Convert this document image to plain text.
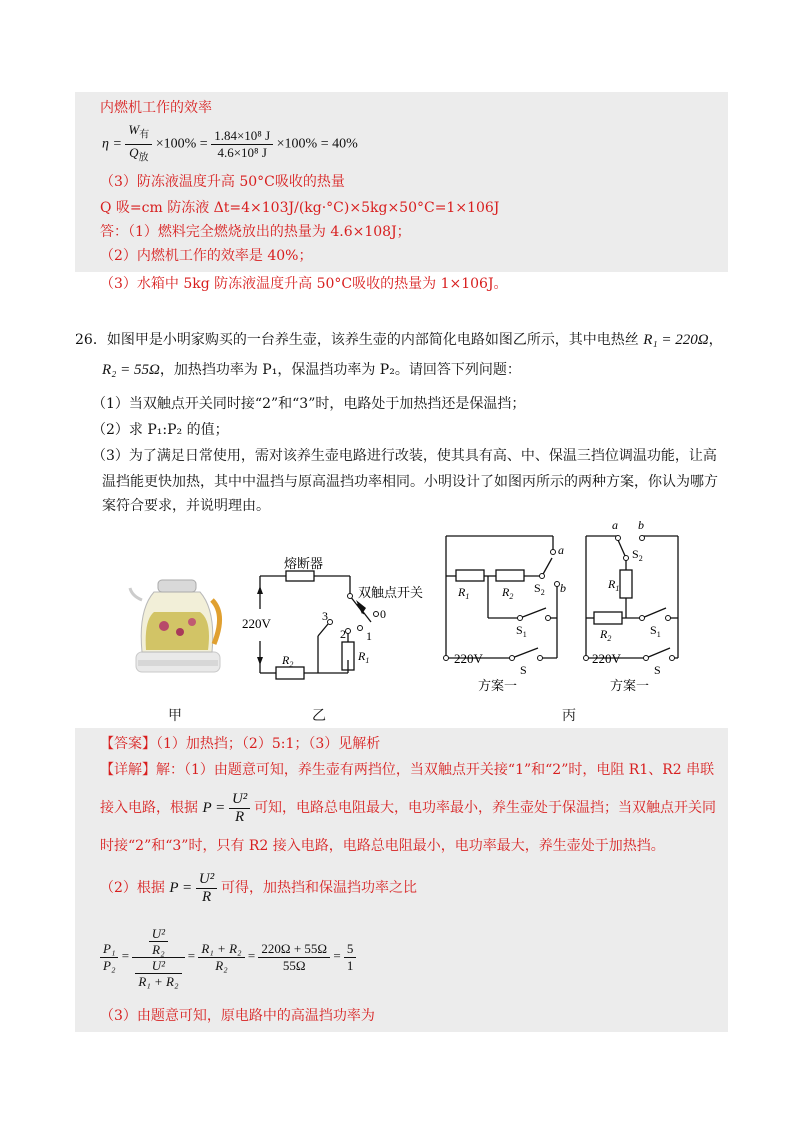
内燃机工作的效率
$\eta = \frac{W_有}{Q_放} \times 100\% = \frac{\text{1.84×10⁸ J}}{\text{4.6×10⁸ J}} \times 100\% = 40\%$
（3）防冻液温度升高 50°C吸收的热量
Q 吸=cm 防冻液 Δt=4×103J/(kg·°C)×5kg×50°C=1×106J
答：（1）燃料完全燃烧放出的热量为 4.6×108J；
（2）内燃机工作的效率是 40%；
（3）水箱中 5kg 防冻液温度升高 50°C吸收的热量为 1×106J。
26．如图甲是小明家购买的一台养生壶，该养生壶的内部简化电路如图乙所示，其中电热丝 R₁ = 220Ω，
R₂ = 55Ω，加热挡功率为 P₁，保温挡功率为 P₂。请回答下列问题：
（1）当双触点开关同时接“2”和“3”时，电路处于加热挡还是保温挡；
（2）求 P₁:P₂ 的值；
（3）为了满足日常使用，需对该养生壶电路进行改装，使其具有高、中、保温三挡位调温功能，让高
温挡能更快加热，其中中温挡与原高温挡功率相同。小明设计了如图丙所示的两种方案，你认为哪方
案符合要求，并说明理由。
熔断器
双触点开关
220V
0
1
2
3
$R_2$
$R_1$
a
b
$R_1$	$R_2$
$S_2$
$S_1$
220V
S
方案一
a b
$S_2$
$R_1$
$R_2$
$S_1$
220V
S
方案一
甲	乙	丙
【答案】（1）加热挡；（2）5:1；（3）见解析
【详解】解：（1）由题意可知，养生壶有两挡位，当双触点开关接“1”和“2”时，电阻 R1、R2 串联
接入电路，根据 $P = \frac{\text{U²}}{R}$ 可知，电路总电阻最大，电功率最小，养生壶处于保温挡；当双触点开关同
时接“2”和“3”时，只有 R2 接入电路，电路总电阻最小，电功率最大，养生壶处于加热挡。
（2）根据 $P = \frac{\text{U²}}{R}$ 可得，加热挡和保温挡功率之比
$\frac{\text{P₁}}{\text{P₂}} = \frac{\frac{\text{U²}}{\text{R₂}}}{\frac{\text{U²}}{\text{R₁ + R₂}}} = \frac{\text{R₁ + R₂}}{\text{R₂}} = \frac{220\Omega + 55\Omega}{55\Omega} = \frac{5}{1}$
（3）由题意可知，原电路中的高温挡功率为
